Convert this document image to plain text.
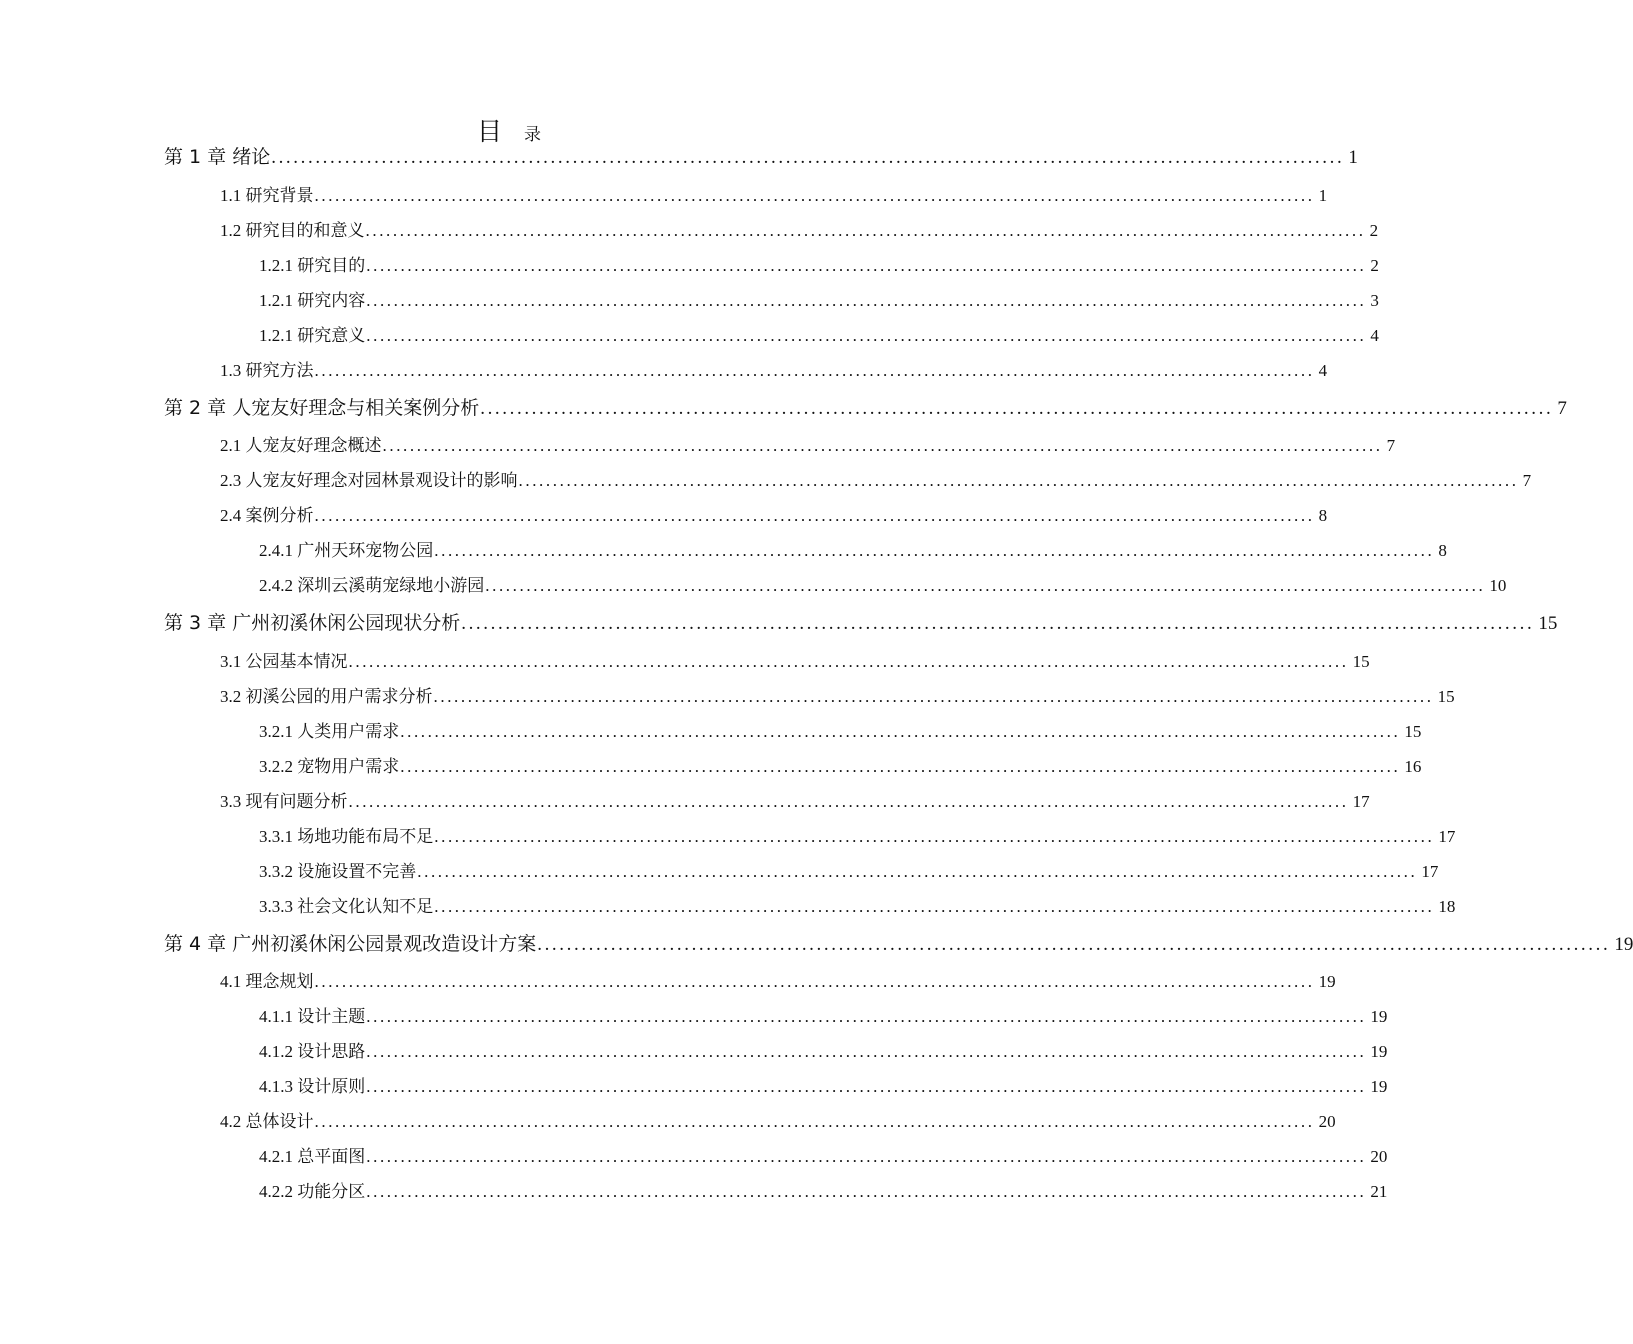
目 录
第 1 章 绪论 .................................................................................................................................................. 1
1.1 研究背景 .................................................................................................................................................. 1
1.2 研究目的和意义 .................................................................................................................................................. 2
1.2.1 研究目的 .................................................................................................................................................. 2
1.2.1 研究内容 .................................................................................................................................................. 3
1.2.1 研究意义 .................................................................................................................................................. 4
1.3 研究方法 .................................................................................................................................................. 4
第 2 章 人宠友好理念与相关案例分析 .................................................................................................................................................. 7
2.1 人宠友好理念概述 .................................................................................................................................................. 7
2.3 人宠友好理念对园林景观设计的影响 .................................................................................................................................................. 7
2.4 案例分析 .................................................................................................................................................. 8
2.4.1 广州天环宠物公园 .................................................................................................................................................. 8
2.4.2 深圳云溪萌宠绿地小游园 .................................................................................................................................................. 10
第 3 章 广州初溪休闲公园现状分析 .................................................................................................................................................. 15
3.1 公园基本情况 .................................................................................................................................................. 15
3.2 初溪公园的用户需求分析 .................................................................................................................................................. 15
3.2.1 人类用户需求 .................................................................................................................................................. 15
3.2.2 宠物用户需求 .................................................................................................................................................. 16
3.3 现有问题分析 .................................................................................................................................................. 17
3.3.1 场地功能布局不足 .................................................................................................................................................. 17
3.3.2 设施设置不完善 .................................................................................................................................................. 17
3.3.3 社会文化认知不足 .................................................................................................................................................. 18
第 4 章 广州初溪休闲公园景观改造设计方案 .................................................................................................................................................. 19
4.1 理念规划 .................................................................................................................................................. 19
4.1.1 设计主题 .................................................................................................................................................. 19
4.1.2 设计思路 .................................................................................................................................................. 19
4.1.3 设计原则 .................................................................................................................................................. 19
4.2 总体设计 .................................................................................................................................................. 20
4.2.1 总平面图 .................................................................................................................................................. 20
4.2.2 功能分区 .................................................................................................................................................. 21
